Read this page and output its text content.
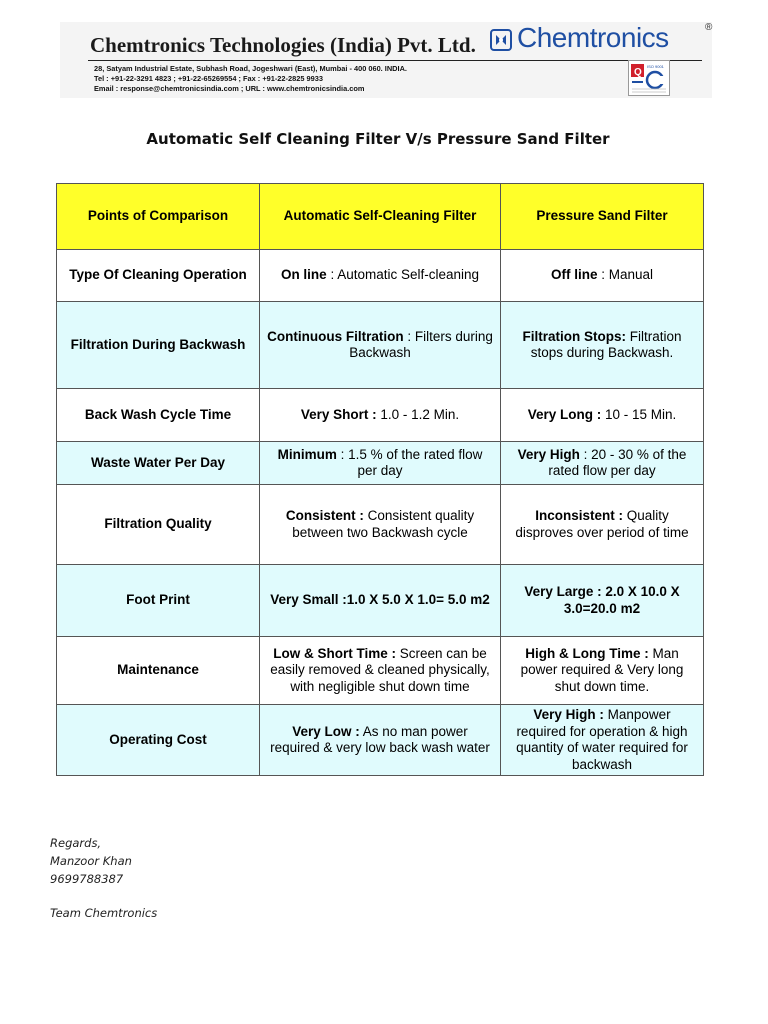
Chemtronics Technologies (India) Pvt. Ltd. Chemtronics	®
28, Satyam Industrial Estate, Subhash Road, Jogeshwari (East), Mumbai - 400 060. INDIA.
Tel : +91-22-3291 4823 ; +91-22-65269554 ; Fax : +91-22-2825 9933
Email : response@chemtronicsindia.com ; URL : www.chemtronicsindia.com
Q
ISO 9001
Automatic Self Cleaning Filter V/s Pressure Sand Filter
Points of Comparison	Automatic Self-Cleaning Filter	Pressure Sand Filter
Type Of Cleaning Operation	On line : Automatic Self-cleaning	Off line : Manual
Filtration During Backwash	Continuous Filtration : Filters during Backwash	Filtration Stops: Filtration stops during Backwash.
Back Wash Cycle Time	Very Short : 1.0 - 1.2 Min.	Very Long : 10 - 15 Min.
Waste Water Per Day	Minimum : 1.5 % of the rated flow per day	Very High : 20 - 30 % of the rated flow per day
Filtration Quality	Consistent : Consistent quality between two Backwash cycle	Inconsistent : Quality disproves over period of time
Foot Print	Very Small :1.0 X 5.0 X 1.0= 5.0 m2	Very Large : 2.0 X 10.0 X 3.0=20.0 m2
Maintenance	Low & Short Time : Screen can be easily removed & cleaned physically, with negligible shut down time	High & Long Time : Man power required & Very long shut down time.
Operating Cost	Very Low : As no man power required & very low back wash water	Very High : Manpower required for operation & high quantity of water required for backwash
Regards,
Manzoor Khan
9699788387
Team Chemtronics
